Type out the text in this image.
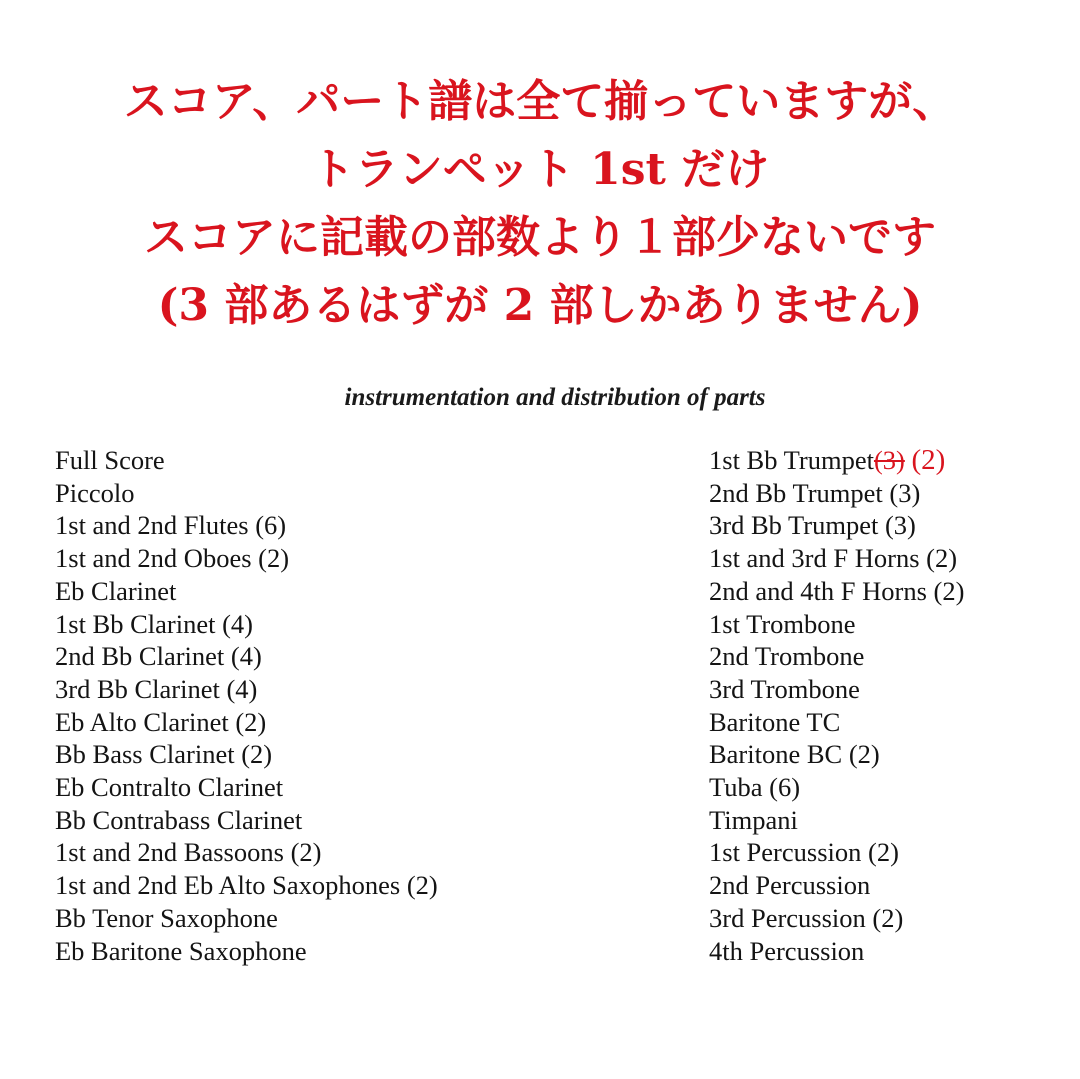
スコア、パート譜は全て揃っていますが、
トランペット 1st だけ
スコアに記載の部数より１部少ないです
(3 部あるはずが 2 部しかありません)
instrumentation and distribution of parts
Full Score
Piccolo
1st and 2nd Flutes (6)
1st and 2nd Oboes (2)
Eb Clarinet
1st Bb Clarinet (4)
2nd Bb Clarinet (4)
3rd Bb Clarinet (4)
Eb Alto Clarinet (2)
Bb Bass Clarinet (2)
Eb Contralto Clarinet
Bb Contrabass Clarinet
1st and 2nd Bassoons (2)
1st and 2nd Eb Alto Saxophones (2)
Bb Tenor Saxophone
Eb Baritone Saxophone
1st Bb Trumpet(3) (2)
2nd Bb Trumpet (3)
3rd Bb Trumpet (3)
1st and 3rd F Horns (2)
2nd and 4th F Horns (2)
1st Trombone
2nd Trombone
3rd Trombone
Baritone TC
Baritone BC (2)
Tuba (6)
Timpani
1st Percussion (2)
2nd Percussion
3rd Percussion (2)
4th Percussion
